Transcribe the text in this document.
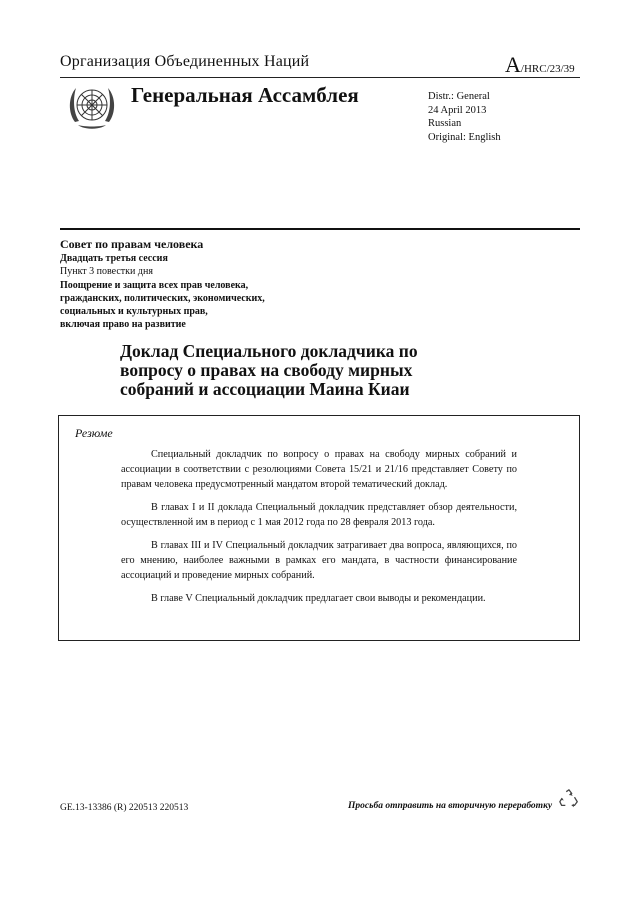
Организация Объединенных Наций	A/HRC/23/39
Генеральная Ассамблея	Distr.: General
24 April 2013
Russian
Original: English
Совет по правам человека
Двадцать третья сессия
Пункт 3 повестки дня
Поощрение и защита всех прав человека,
гражданских, политических, экономических,
социальных и культурных прав,
включая право на развитие
Доклад Специального докладчика по вопросу о правах на свободу мирных собраний и ассоциации Маина Киаи
Резюме

Специальный докладчик по вопросу о правах на свободу мирных собраний и ассоциации в соответствии с резолюциями Совета 15/21 и 21/16 представляет Совету по правам человека предусмотренный мандатом второй тематический доклад.

В главах I и II доклада Специальный докладчик представляет обзор деятельности, осуществленной им в период с 1 мая 2012 года по 28 февраля 2013 года.

В главах III и IV Специальный докладчик затрагивает два вопроса, являющихся, по его мнению, наиболее важными в рамках его мандата, в частности финансирование ассоциаций и проведение мирных собраний.

В главе V Специальный докладчик предлагает свои выводы и рекомендации.

GE.13-13386 (R) 220513 220513	Просьба отправить на вторичную переработку
